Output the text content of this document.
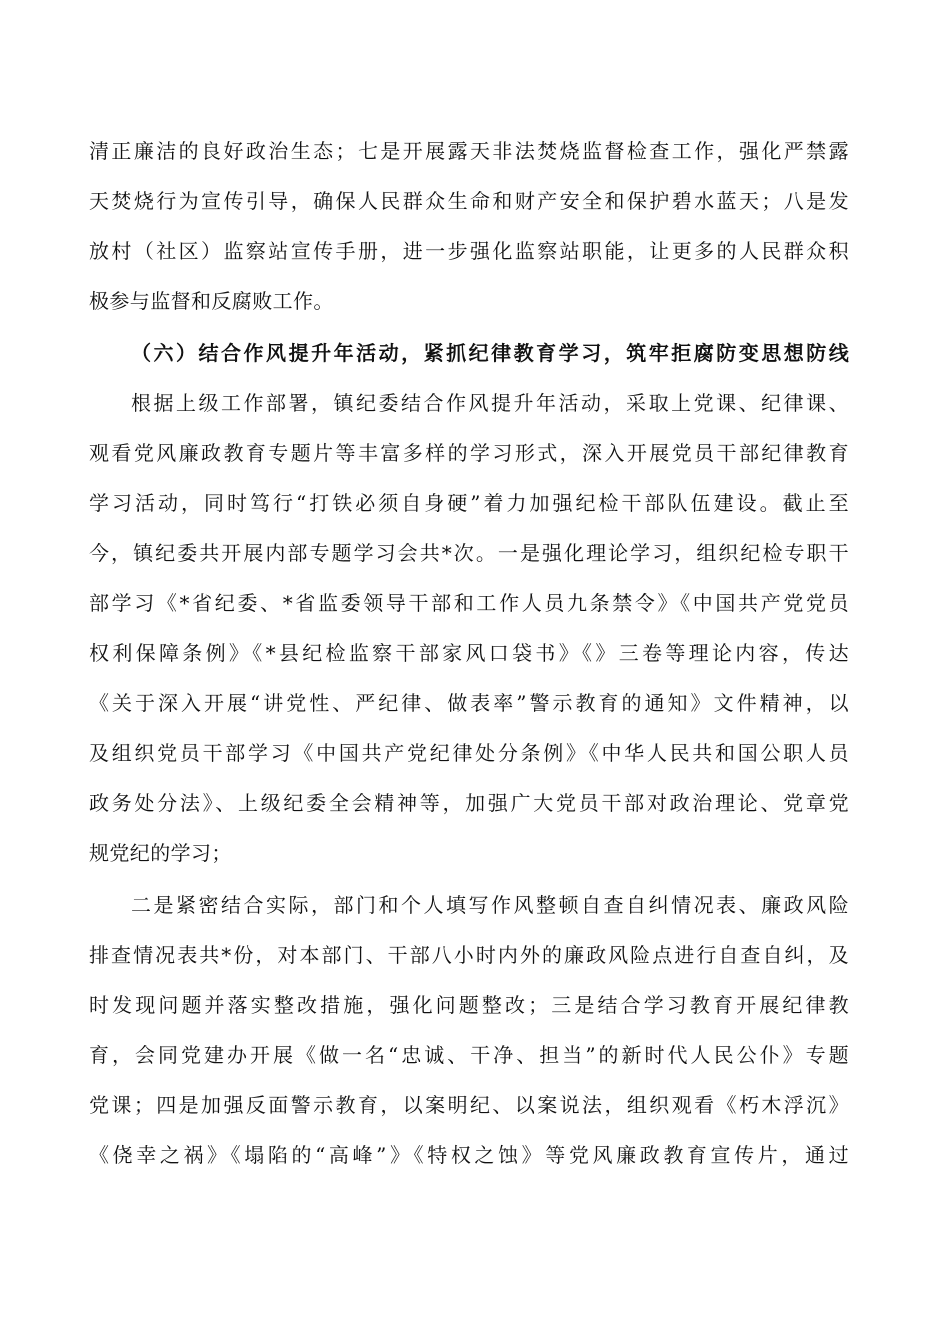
清正廉洁的良好政治生态；七是开展露天非法焚烧监督检查工作，强化严禁露
天焚烧行为宣传引导，确保人民群众生命和财产安全和保护碧水蓝天；八是发
放村（社区）监察站宣传手册，进一步强化监察站职能，让更多的人民群众积
极参与监督和反腐败工作。
（六）结合作风提升年活动，紧抓纪律教育学习，筑牢拒腐防变思想防线
根据上级工作部署，镇纪委结合作风提升年活动，采取上党课、纪律课、
观看党风廉政教育专题片等丰富多样的学习形式，深入开展党员干部纪律教育
学习活动，同时笃行“打铁必须自身硬”着力加强纪检干部队伍建设。截止至
今，镇纪委共开展内部专题学习会共*次。一是强化理论学习，组织纪检专职干
部学习《*省纪委、*省监委领导干部和工作人员九条禁令》《中国共产党党员
权利保障条例》《*县纪检监察干部家风口袋书》《》三卷等理论内容，传达
《关于深入开展“讲党性、严纪律、做表率”警示教育的通知》文件精神，以
及组织党员干部学习《中国共产党纪律处分条例》《中华人民共和国公职人员
政务处分法》、上级纪委全会精神等，加强广大党员干部对政治理论、党章党
规党纪的学习；
二是紧密结合实际，部门和个人填写作风整顿自查自纠情况表、廉政风险
排查情况表共*份，对本部门、干部八小时内外的廉政风险点进行自查自纠，及
时发现问题并落实整改措施，强化问题整改；三是结合学习教育开展纪律教
育，会同党建办开展《做一名“忠诚、干净、担当”的新时代人民公仆》专题
党课；四是加强反面警示教育，以案明纪、以案说法，组织观看《朽木浮沉》
《侥幸之祸》《塌陷的“高峰”》《特权之蚀》等党风廉政教育宣传片，通过
